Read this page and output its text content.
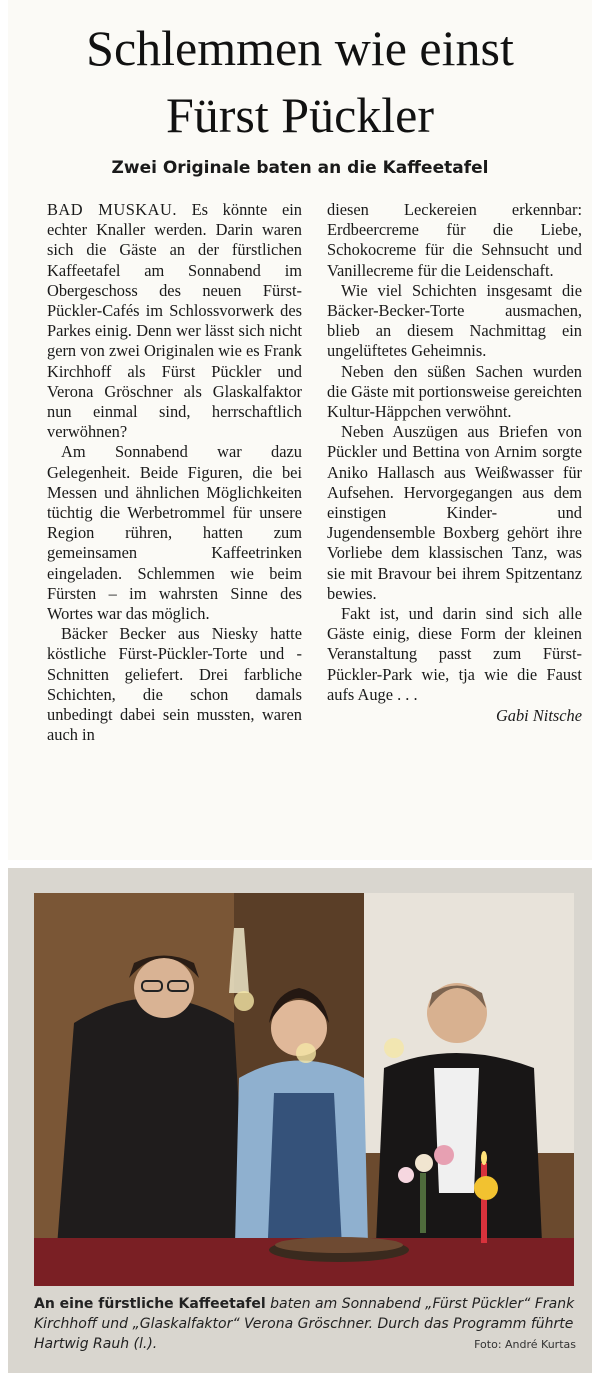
Schlemmen wie einst
Fürst Pückler
Zwei Originale baten an die Kaffeetafel

BAD MUSKAU. Es könnte ein echter Knaller werden. Darin waren sich die Gäste an der fürstlichen Kaffeetafel am Sonnabend im Obergeschoss des neuen Fürst-Pückler-Cafés im Schlossvorwerk des Parkes einig. Denn wer lässt sich nicht gern von zwei Originalen wie es Frank Kirchhoff als Fürst Pückler und Verona Gröschner als Glaskalfaktor nun einmal sind, herrschaftlich verwöhnen?

Am Sonnabend war dazu Gelegenheit. Beide Figuren, die bei Messen und ähnlichen Möglichkeiten tüchtig die Werbetrommel für unsere Region rühren, hatten zum gemeinsamen Kaffeetrinken eingeladen. Schlemmen wie beim Fürsten – im wahrsten Sinne des Wortes war das möglich.

Bäcker Becker aus Niesky hatte köstliche Fürst-Pückler-Torte und -Schnitten geliefert. Drei farbliche Schichten, die schon damals unbedingt dabei sein mussten, waren auch in

diesen Leckereien erkennbar: Erdbeercreme für die Liebe, Schokocreme für die Sehnsucht und Vanillecreme für die Leidenschaft.

Wie viel Schichten insgesamt die Bäcker-Becker-Torte ausmachen, blieb an diesem Nachmittag ein ungelüftetes Geheimnis.

Neben den süßen Sachen wurden die Gäste mit portionsweise gereichten Kultur-Häppchen verwöhnt.

Neben Auszügen aus Briefen von Pückler und Bettina von Arnim sorgte Aniko Hallasch aus Weißwasser für Aufsehen. Hervorgegangen aus dem einstigen Kinder- und Jugendensemble Boxberg gehört ihre Vorliebe dem klassischen Tanz, was sie mit Bravour bei ihrem Spitzentanz bewies.

Fakt ist, und darin sind sich alle Gäste einig, diese Form der kleinen Veranstaltung passt zum Fürst-Pückler-Park wie, tja wie die Faust aufs Auge . . .

Gabi Nitsche
An eine fürstliche Kaffeetafel baten am Sonnabend „Fürst Pückler“ Frank Kirchhoff und „Glaskalfaktor“ Verona Gröschner. Durch das Programm führte Hartwig Rauh (l.).	Foto: André Kurtas
